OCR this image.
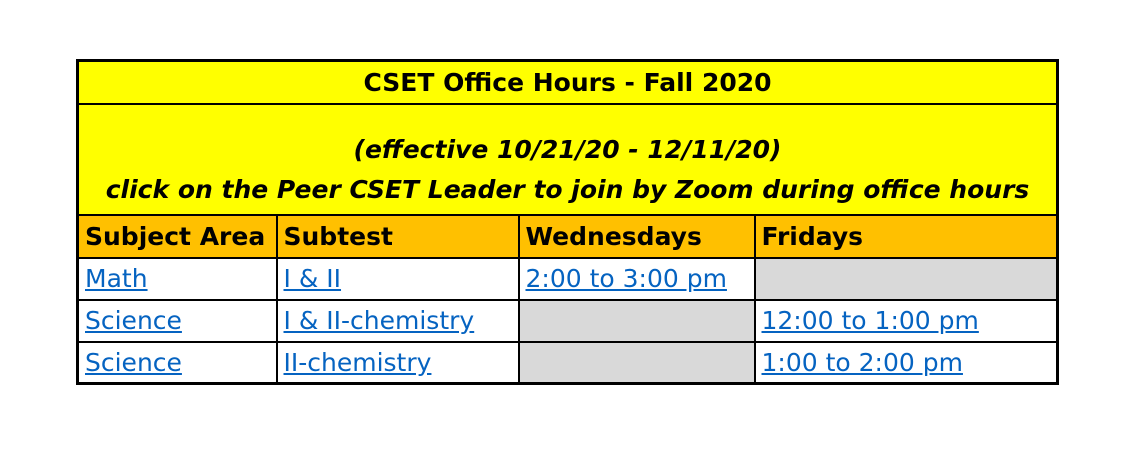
CSET Office Hours - Fall 2020			

(effective 10/21/20 - 12/11/20)
click on the Peer CSET Leader to join by Zoom during office hours			

Subject Area	Subtest	Wednesdays	Fridays
Math	I & II	2:00 to 3:00 pm	
Science	I & II-chemistry		12:00 to 1:00 pm
Science	II-chemistry		1:00 to 2:00 pm
